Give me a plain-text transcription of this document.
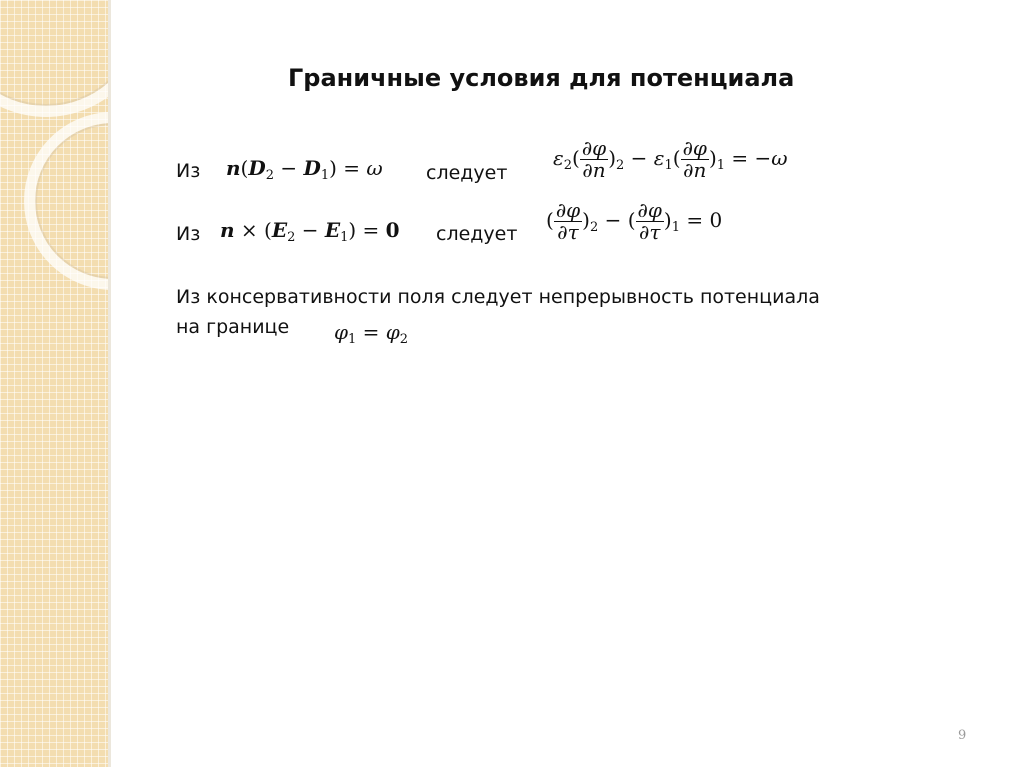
Граничные условия для потенциала
Из $n(D_2 - D_1) = \omega$ следует
$\varepsilon_2( \frac{\partial\varphi}{\partial n} )_2 - \varepsilon_1( \frac{\partial\varphi}{\partial n} )_1 = -\omega$
Из $n \times (E_2 - E_1) = 0$ следует
( $\frac{\partial\varphi}{\partial\tau} )_2$ − ( $\frac{\partial\varphi}{\partial\tau} )_1 = 0$
Из консервативности поля следует непрерывность потенциала
на границе $\varphi_1 = \varphi_2$
9
